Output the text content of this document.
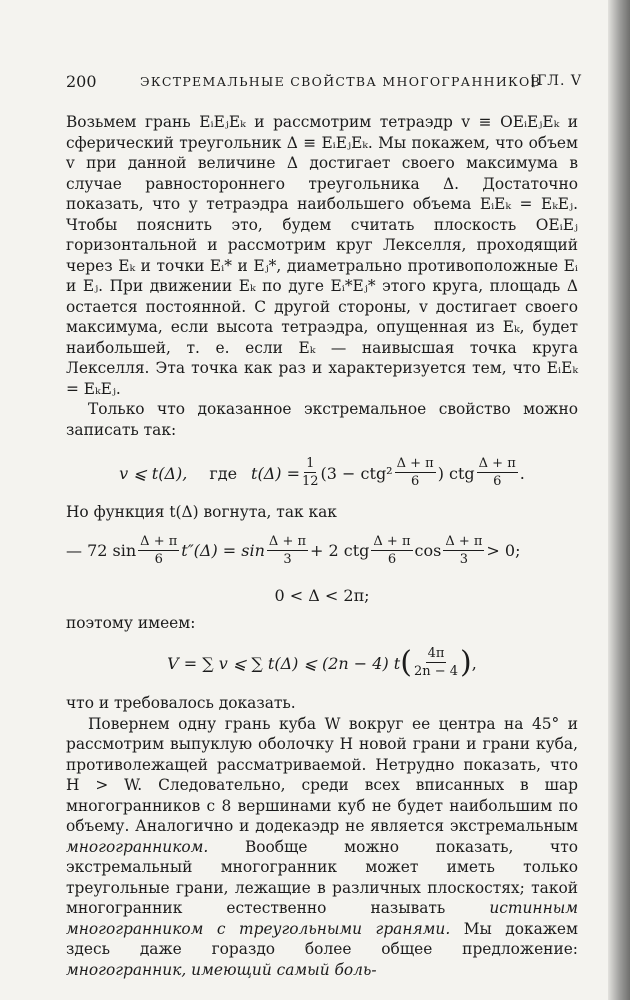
200	ЭКСТРЕМАЛЬНЫЕ СВОЙСТВА МНОГОГРАННИКОВ
[ГЛ. V

Возьмем грань EᵢEⱼEₖ и рассмотрим тетраэдр v ≡ OEᵢEⱼEₖ и сферический треугольник Δ ≡ EᵢEⱼEₖ. Мы покажем, что объем v при данной величине Δ достигает своего максимума в случае равностороннего треугольника Δ. Достаточно показать, что у тетраэдра наибольшего объема EᵢEₖ = EₖEⱼ. Чтобы пояснить это, будем считать плоскость OEᵢEⱼ горизонтальной и рассмотрим круг Лекселля, проходящий через Eₖ и точки Eᵢ* и Eⱼ*, диаметрально противоположные Eᵢ и Eⱼ. При движении Eₖ по дуге Eᵢ*Eⱼ* этого круга, площадь Δ остается постоянной. С другой стороны, v достигает своего максимума, если высота тетраэдра, опущенная из Eₖ, будет наибольшей, т. е. если Eₖ — наивысшая точка круга Лекселля. Эта точка как раз и характеризуется тем, что EᵢEₖ = EₖEⱼ.

Только что доказанное экстремальное свойство можно записать так:

v ⩽ t(Δ), где $t(\Delta) = \frac{1}{12} (3 - ctg^2 \frac{\Delta + \pi}{6}$ ) ctg $\frac{\Delta + \pi}{6}$ .

Но функция t(Δ) вогнута, так как

— 72 $\sin \frac{\Delta + \pi}{6} t''(\Delta) = \sin \frac{\Delta + \pi}{3} + 2$ ctg $\frac{\Delta + \pi}{6}$ $\cos \frac{\Delta + \pi}{3} > 0$;
0 < Δ < 2π;

поэтому имеем:

V = ∑ v ⩽ ∑ t(Δ) ⩽ (2n − 4) t ( $\frac{4\pi}{2n - 4}$ ) ,

что и требовалось доказать.

Повернем одну грань куба W вокруг ее центра на 45° и рассмотрим выпуклую оболочку H новой грани и грани куба, противолежащей рассматриваемой. Нетрудно показать, что H > W. Следовательно, среди всех вписанных в шар многогранников с 8 вершинами куб не будет наибольшим по объему. Аналогично и додекаэдр не является экстремальным многогранником. Вообще можно показать, что экстремальный многогранник может иметь только треугольные грани, лежащие в различных плоскостях; такой многогранник естественно называть истинным многогранником с треугольными гранями. Мы докажем здесь даже гораздо более общее предложение: многогранник, имеющий самый боль-
